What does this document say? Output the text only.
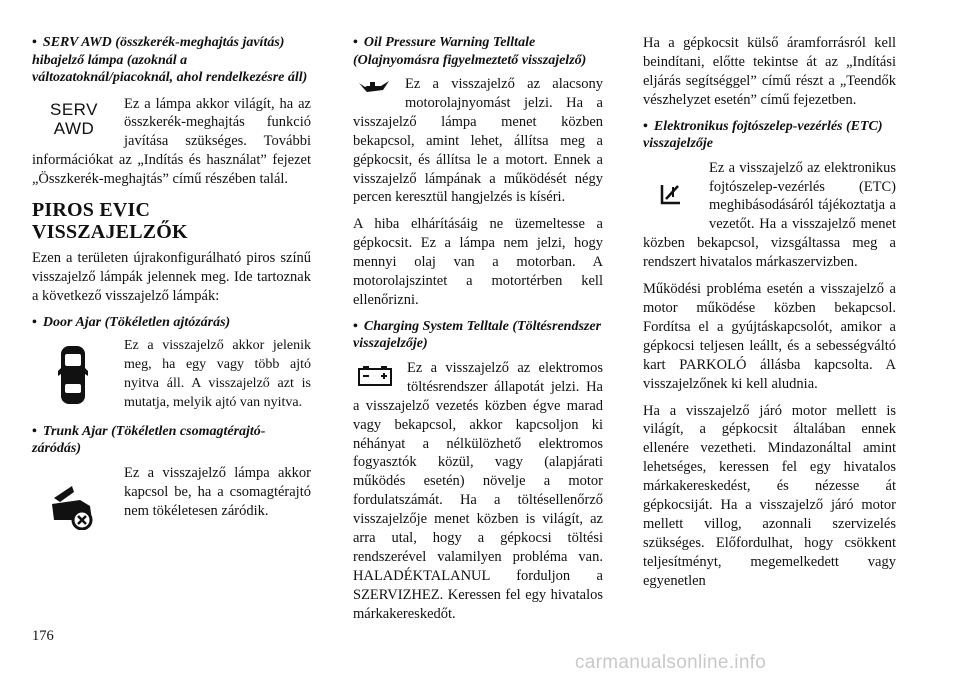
• SERV AWD (összkerék-meghajtás javítás) hibajelző lámpa (azoknál a változatoknál/piacoknál, ahol rendelkezésre áll)

SERV
AWD

Ez a lámpa akkor világít, ha az összkerék-meghajtás funkció javítása szükséges. További információkat az „Indítás és használat” fejezet „Összkerék-meghajtás” című részében talál.

PIROS EVIC
VISSZAJELZŐK

Ezen a területen újrakonfigurálható piros színű visszajelző lámpák jelennek meg. Ide tartoznak a következő visszajelző lámpák:

• Door Ajar (Tökéletlen ajtózárás)

Ez a visszajelző akkor jelenik meg, ha egy vagy több ajtó nyitva áll. A visszajelző azt is mutatja, melyik ajtó van nyitva.

• Trunk Ajar (Tökéletlen csomagtérajtó-záródás)

Ez a visszajelző lámpa akkor kapcsol be, ha a csomagtérajtó nem tökéletesen záródik.

• Oil Pressure Warning Telltale (Olajnyomásra figyelmeztető visszajelző)

Ez a visszajelző az alacsony motorolajnyomást jelzi. Ha a visszajelző lámpa menet közben bekapcsol, amint lehet, állítsa meg a gépkocsit, és állítsa le a motort. Ennek a visszajelző lámpának a működését négy percen keresztül hangjelzés is kíséri.

A hiba elhárításáig ne üzemeltesse a gépkocsit. Ez a lámpa nem jelzi, hogy mennyi olaj van a motorban. A motorolajszintet a motortérben kell ellenőrizni.

• Charging System Telltale (Töltésrendszer visszajelzője)

Ez a visszajelző az elektromos töltésrendszer állapotát jelzi. Ha a visszajelző vezetés közben égve marad vagy bekapcsol, akkor kapcsoljon ki néhányat a nélkülözhető elektromos fogyasztók közül, vagy (alapjárati működés esetén) növelje a motor fordulatszámát. Ha a töltésellenőrző visszajelzője menet közben is világít, az arra utal, hogy a gépkocsi töltési rendszerével valamilyen probléma van. HALADÉKTALANUL forduljon a SZERVIZHEZ. Keressen fel egy hivatalos márkakereskedőt.

Ha a gépkocsit külső áramforrásról kell beindítani, előtte tekintse át az „Indítási eljárás segítséggel” című részt a „Teendők vészhelyzet esetén” című fejezetben.

• Elektronikus fojtószelep-vezérlés (ETC) visszajelzője

Ez a visszajelző az elektronikus fojtószelep-vezérlés (ETC) meghibásodásáról tájékoztatja a vezetőt. Ha a visszajelző menet közben bekapcsol, vizsgáltassa meg a rendszert hivatalos márkaszervizben.

Működési probléma esetén a visszajelző a motor működése közben bekapcsol. Fordítsa el a gyújtáskapcsolót, amikor a gépkocsi teljesen leállt, és a sebességváltó kart PARKOLÓ állásba kapcsolta. A visszajelzőnek ki kell aludnia.

Ha a visszajelző járó motor mellett is világít, a gépkocsit általában ennek ellenére vezetheti. Mindazonáltal amint lehetséges, keressen fel egy hivatalos márkakereskedést, és nézesse át gépkocsiját. Ha a visszajelző járó motor mellett villog, azonnali szervizelés szükséges. Előfordulhat, hogy csökkent teljesítményt, megemelkedett vagy egyenetlen

176
carmanualsonline.info
